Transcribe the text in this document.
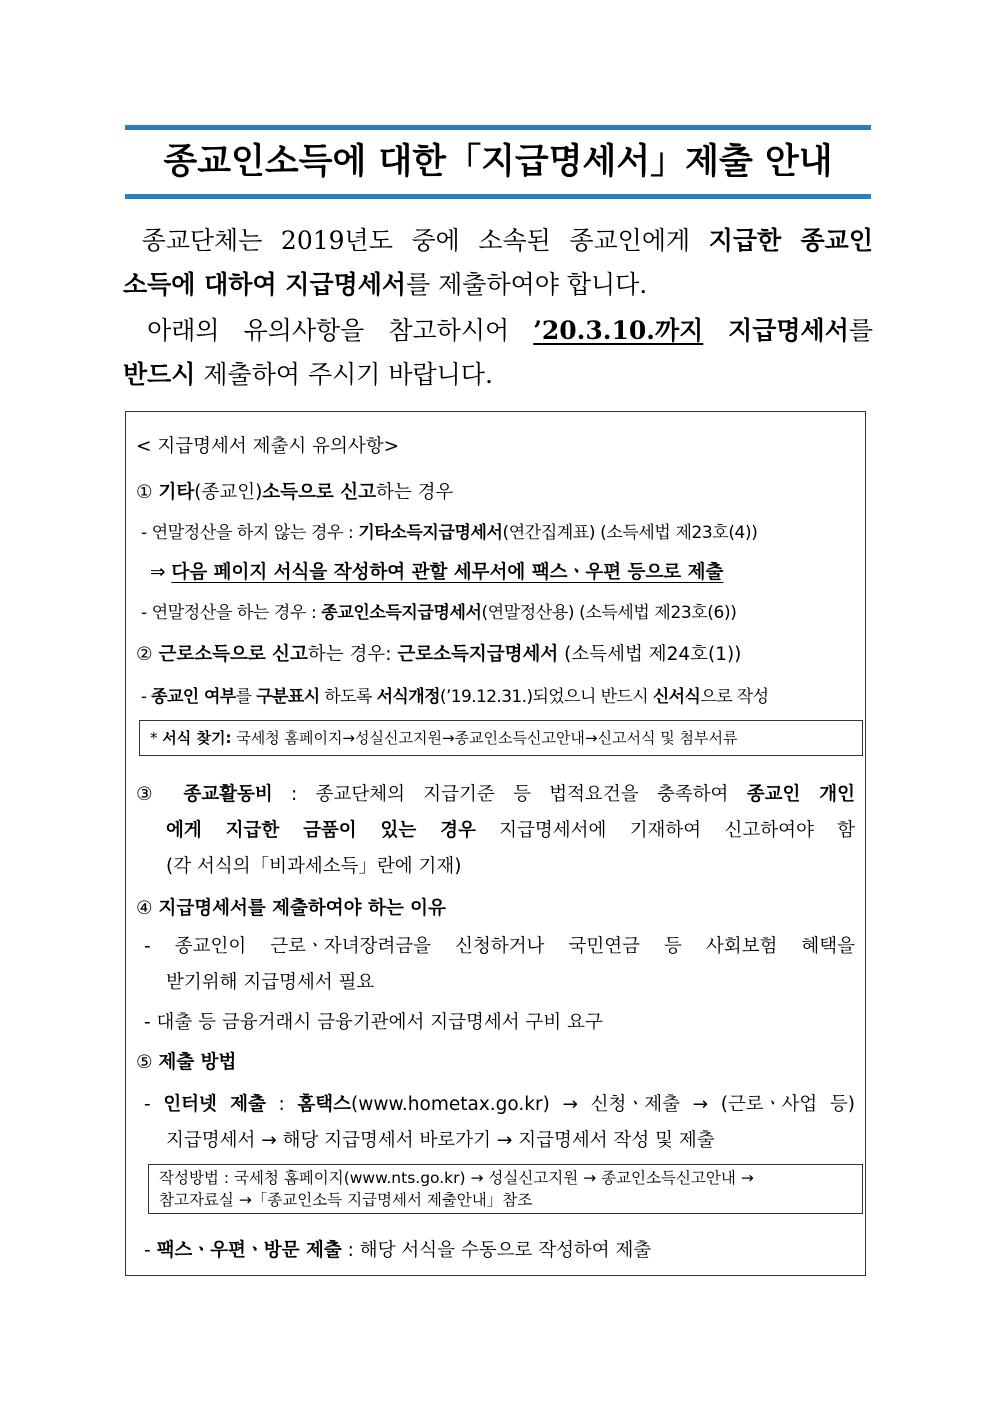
종교인소득에 대한「지급명세서」제출 안내

종교단체는 2019년도 중에 소속된 종교인에게 지급한 종교인

소득에 대하여 지급명세서를 제출하여야 합니다.

아래의 유의사항을 참고하시어 ’20.3.10.까지 지급명세서를

반드시 제출하여 주시기 바랍니다.

< 지급명세서 제출시 유의사항>
① 기타(종교인)소득으로 신고하는 경우
- 연말정산을 하지 않는 경우 : 기타소득지급명세서(연간집계표) (소득세법 제23호(4))
⇒ 다음 페이지 서식을 작성하여 관할 세무서에 팩스ㆍ우편 등으로 제출
- 연말정산을 하는 경우 : 종교인소득지급명세서(연말정산용) (소득세법 제23호(6))
② 근로소득으로 신고하는 경우: 근로소득지급명세서 (소득세법 제24호(1))
- 종교인 여부를 구분표시 하도록 서식개정(’19.12.31.)되었으니 반드시 신서식으로 작성
* 서식 찾기: 국세청 홈페이지→성실신고지원→종교인소득신고안내→신고서식 및 첨부서류
③ 종교활동비 : 종교단체의 지급기준 등 법적요건을 충족하여 종교인 개인
에게 지급한 금품이 있는 경우 지급명세서에 기재하여 신고하여야 함
(각 서식의「비과세소득」란에 기재)
④ 지급명세서를 제출하여야 하는 이유
- 종교인이 근로ㆍ자녀장려금을 신청하거나 국민연금 등 사회보험 혜택을
받기위해 지급명세서 필요
- 대출 등 금융거래시 금융기관에서 지급명세서 구비 요구
⑤ 제출 방법
- 인터넷 제출 : 홈택스(www.hometax.go.kr) → 신청ㆍ제출 → (근로ㆍ사업 등)
지급명세서 → 해당 지급명세서 바로가기 → 지급명세서 작성 및 제출
작성방법 : 국세청 홈페이지(www.nts.go.kr) → 성실신고지원 → 종교인소득신고안내 →
참고자료실 →「종교인소득 지급명세서 제출안내」참조
- 팩스ㆍ우편ㆍ방문 제출 : 해당 서식을 수동으로 작성하여 제출
